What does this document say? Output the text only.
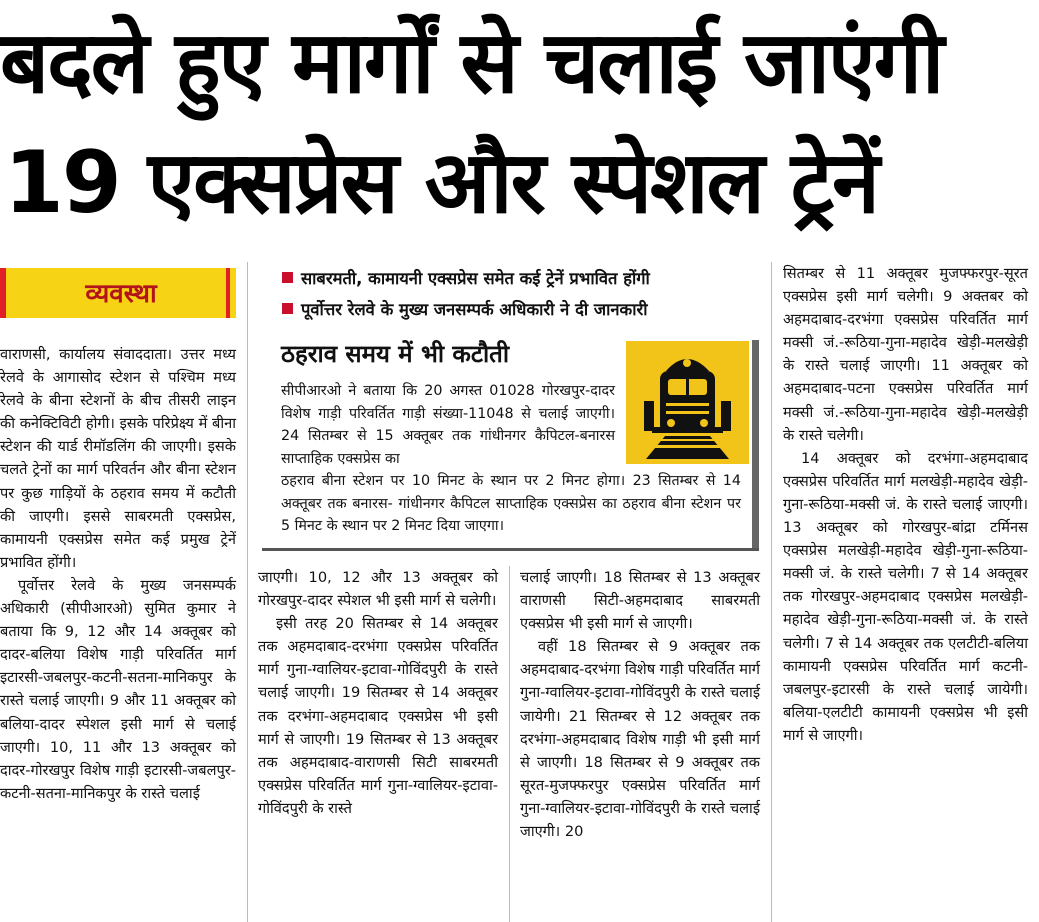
बदले हुए मार्गों से चलाई जाएंगी
19 एक्सप्रेस और स्पेशल ट्रेनें
व्यवस्था
साबरमती, कामायनी एक्सप्रेस समेत कई ट्रेनें प्रभावित होंगी
पूर्वोत्तर रेलवे के मुख्य जनसम्पर्क अधिकारी ने दी जानकारी
ठहराव समय में भी कटौती
सीपीआरओ ने बताया कि 20 अगस्त 01028 गोरखपुर-दादर विशेष गाड़ी परिवर्तित गाड़ी संख्या-11048 से चलाई जाएगी। 24 सितम्बर से 15 अक्तूबर तक गांधीनगर कैपिटल-बनारस साप्ताहिक एक्सप्रेस का
ठहराव बीना स्टेशन पर 10 मिनट के स्थान पर 2 मिनट होगा। 23 सितम्बर से 14 अक्तूबर तक बनारस- गांधीनगर कैपिटल साप्ताहिक एक्सप्रेस का ठहराव बीना स्टेशन पर 5 मिनट के स्थान पर 2 मिनट दिया जाएगा।

वाराणसी, कार्यालय संवाददाता। उत्तर मध्य रेलवे के आगासोद स्टेशन से पश्चिम मध्य रेलवे के बीना स्टेशनों के बीच तीसरी लाइन की कनेक्टिविटी होगी। इसके परिप्रेक्ष्य में बीना स्टेशन की यार्ड रीमॉडलिंग की जाएगी। इसके चलते ट्रेनों का मार्ग परिवर्तन और बीना स्टेशन पर कुछ गाड़ियों के ठहराव समय में कटौती की जाएगी। इससे साबरमती एक्सप्रेस, कामायनी एक्सप्रेस समेत कई प्रमुख ट्रेनें प्रभावित होंगी।

पूर्वोत्तर रेलवे के मुख्य जनसम्पर्क अधिकारी (सीपीआरओ) सुमित कुमार ने बताया कि 9, 12 और 14 अक्तूबर को दादर-बलिया विशेष गाड़ी परिवर्तित मार्ग इटारसी-जबलपुर-कटनी-सतना-मानिकपुर के रास्ते चलाई जाएगी। 9 और 11 अक्तूबर को बलिया-दादर स्पेशल इसी मार्ग से चलाई जाएगी। 10, 11 और 13 अक्तूबर को दादर-गोरखपुर विशेष गाड़ी इटारसी-जबलपुर-कटनी-सतना-मानिकपुर के रास्ते चलाई

जाएगी। 10, 12 और 13 अक्तूबर को गोरखपुर-दादर स्पेशल भी इसी मार्ग से चलेगी।

इसी तरह 20 सितम्बर से 14 अक्तूबर तक अहमदाबाद-दरभंगा एक्सप्रेस परिवर्तित मार्ग गुना-ग्वालियर-इटावा-गोविंदपुरी के रास्ते चलाई जाएगी। 19 सितम्बर से 14 अक्तूबर तक दरभंगा-अहमदाबाद एक्सप्रेस भी इसी मार्ग से जाएगी। 19 सितम्बर से 13 अक्तूबर तक अहमदाबाद-वाराणसी सिटी साबरमती एक्सप्रेस परिवर्तित मार्ग गुना-ग्वालियर-इटावा-गोविंदपुरी के रास्ते

चलाई जाएगी। 18 सितम्बर से 13 अक्तूबर वाराणसी सिटी-अहमदाबाद साबरमती एक्सप्रेस भी इसी मार्ग से जाएगी।

वहीं 18 सितम्बर से 9 अक्तूबर तक अहमदाबाद-दरभंगा विशेष गाड़ी परिवर्तित मार्ग गुना-ग्वालियर-इटावा-गोविंदपुरी के रास्ते चलाई जायेगी। 21 सितम्बर से 12 अक्तूबर तक दरभंगा-अहमदाबाद विशेष गाड़ी भी इसी मार्ग से जाएगी। 18 सितम्बर से 9 अक्तूबर तक सूरत-मुजफ्फरपुर एक्सप्रेस परिवर्तित मार्ग गुना-ग्वालियर-इटावा-गोविंदपुरी के रास्ते चलाई जाएगी। 20

सितम्बर से 11 अक्तूबर मुजफ्फरपुर-सूरत एक्सप्रेस इसी मार्ग चलेगी। 9 अक्तबर को अहमदाबाद-दरभंगा एक्सप्रेस परिवर्तित मार्ग मक्सी जं.-रूठिया-गुना-महादेव खेड़ी-मलखेड़ी के रास्ते चलाई जाएगी। 11 अक्तूबर को अहमदाबाद-पटना एक्सप्रेस परिवर्तित मार्ग मक्सी जं.-रूठिया-गुना-महादेव खेड़ी-मलखेड़ी के रास्ते चलेगी।

14 अक्तूबर को दरभंगा-अहमदाबाद एक्सप्रेस परिवर्तित मार्ग मलखेड़ी-महादेव खेड़ी-गुना-रूठिया-मक्सी जं. के रास्ते चलाई जाएगी। 13 अक्तूबर को गोरखपुर-बांद्रा टर्मिनस एक्सप्रेस मलखेड़ी-महादेव खेड़ी-गुना-रूठिया-मक्सी जं. के रास्ते चलेगी। 7 से 14 अक्तूबर तक गोरखपुर-अहमदाबाद एक्सप्रेस मलखेड़ी-महादेव खेड़ी-गुना-रूठिया-मक्सी जं. के रास्ते चलेगी। 7 से 14 अक्तूबर तक एलटीटी-बलिया कामायनी एक्सप्रेस परिवर्तित मार्ग कटनी-जबलपुर-इटारसी के रास्ते चलाई जायेगी। बलिया-एलटीटी कामायनी एक्सप्रेस भी इसी मार्ग से जाएगी।
